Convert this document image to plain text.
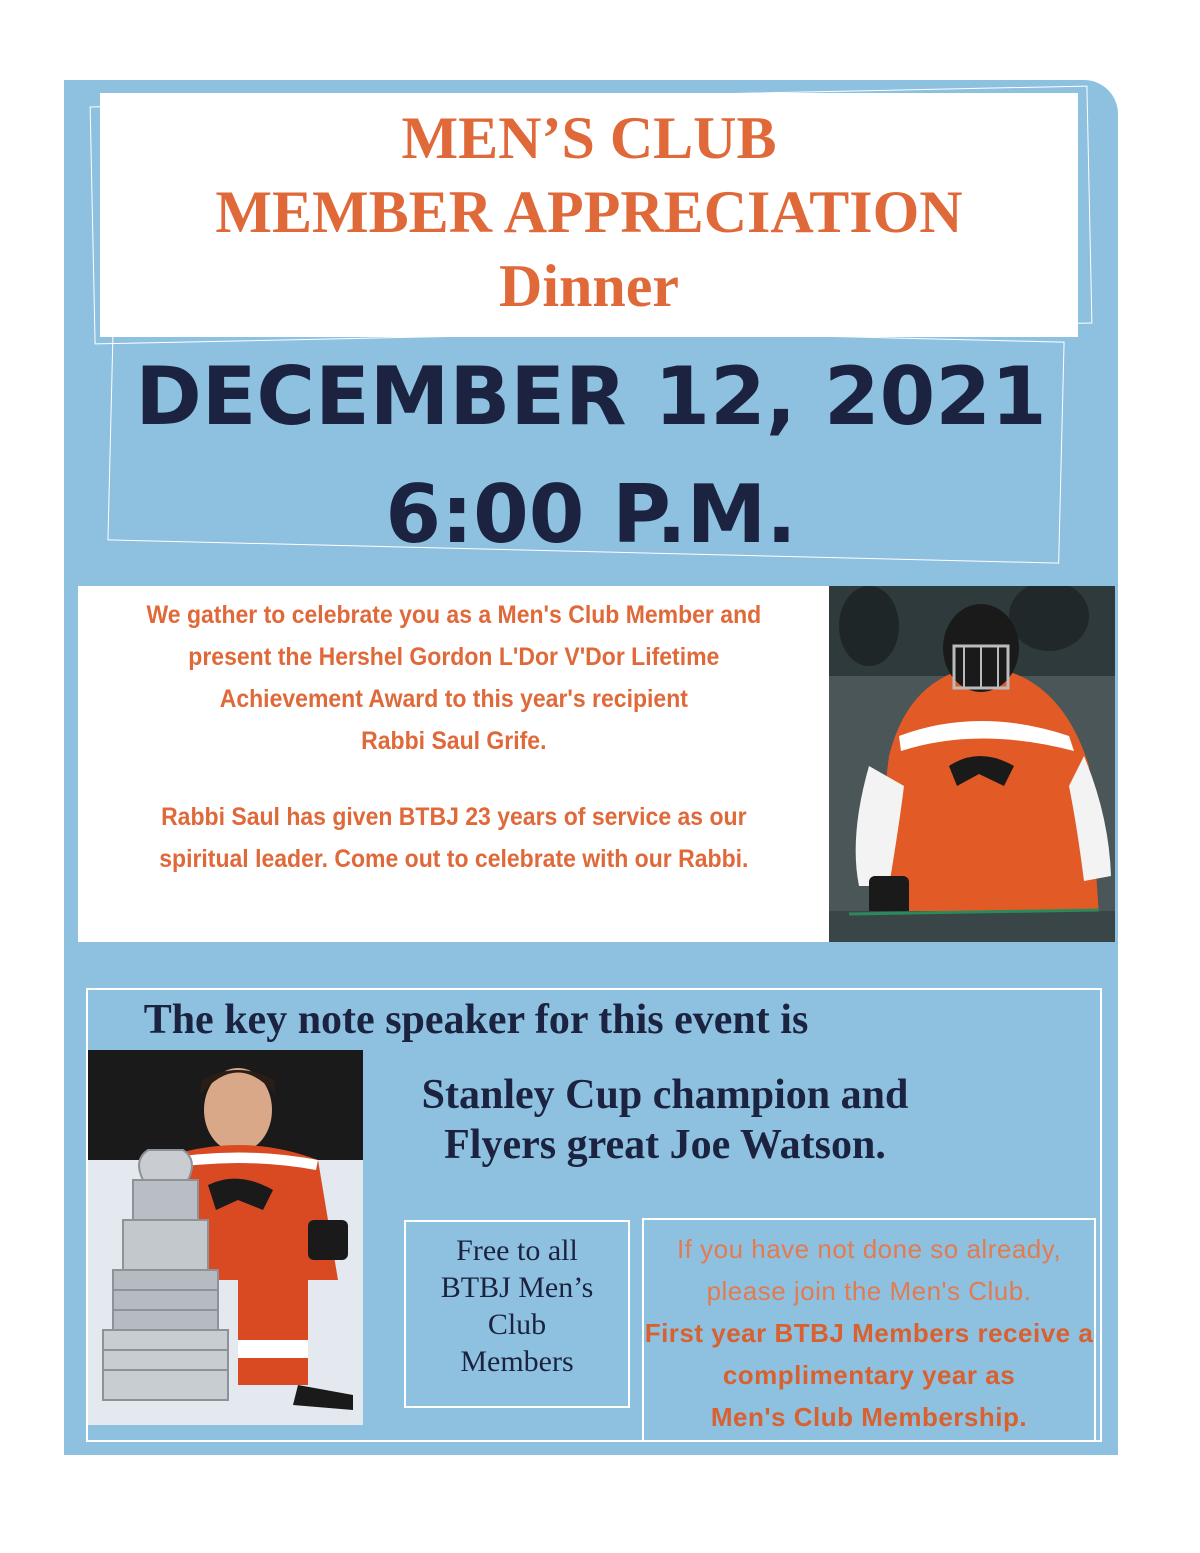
MEN’S CLUB
MEMBER APPRECIATION
Dinner
DECEMBER 12, 2021
6:00 P.M.

We gather to celebrate you as a Men's Club Member and
present the Hershel Gordon L'Dor V'Dor Lifetime
Achievement Award to this year's recipient
Rabbi Saul Grife.

Rabbi Saul has given BTBJ 23 years of service as our
spiritual leader. Come out to celebrate with our Rabbi.

The key note speaker for this event is
Stanley Cup champion and
Flyers great Joe Watson.
Free to all
BTBJ Men’s
Club
Members
If you have not done so already,
please join the Men's Club.
First year BTBJ Members receive a
complimentary year as
Men's Club Membership.
